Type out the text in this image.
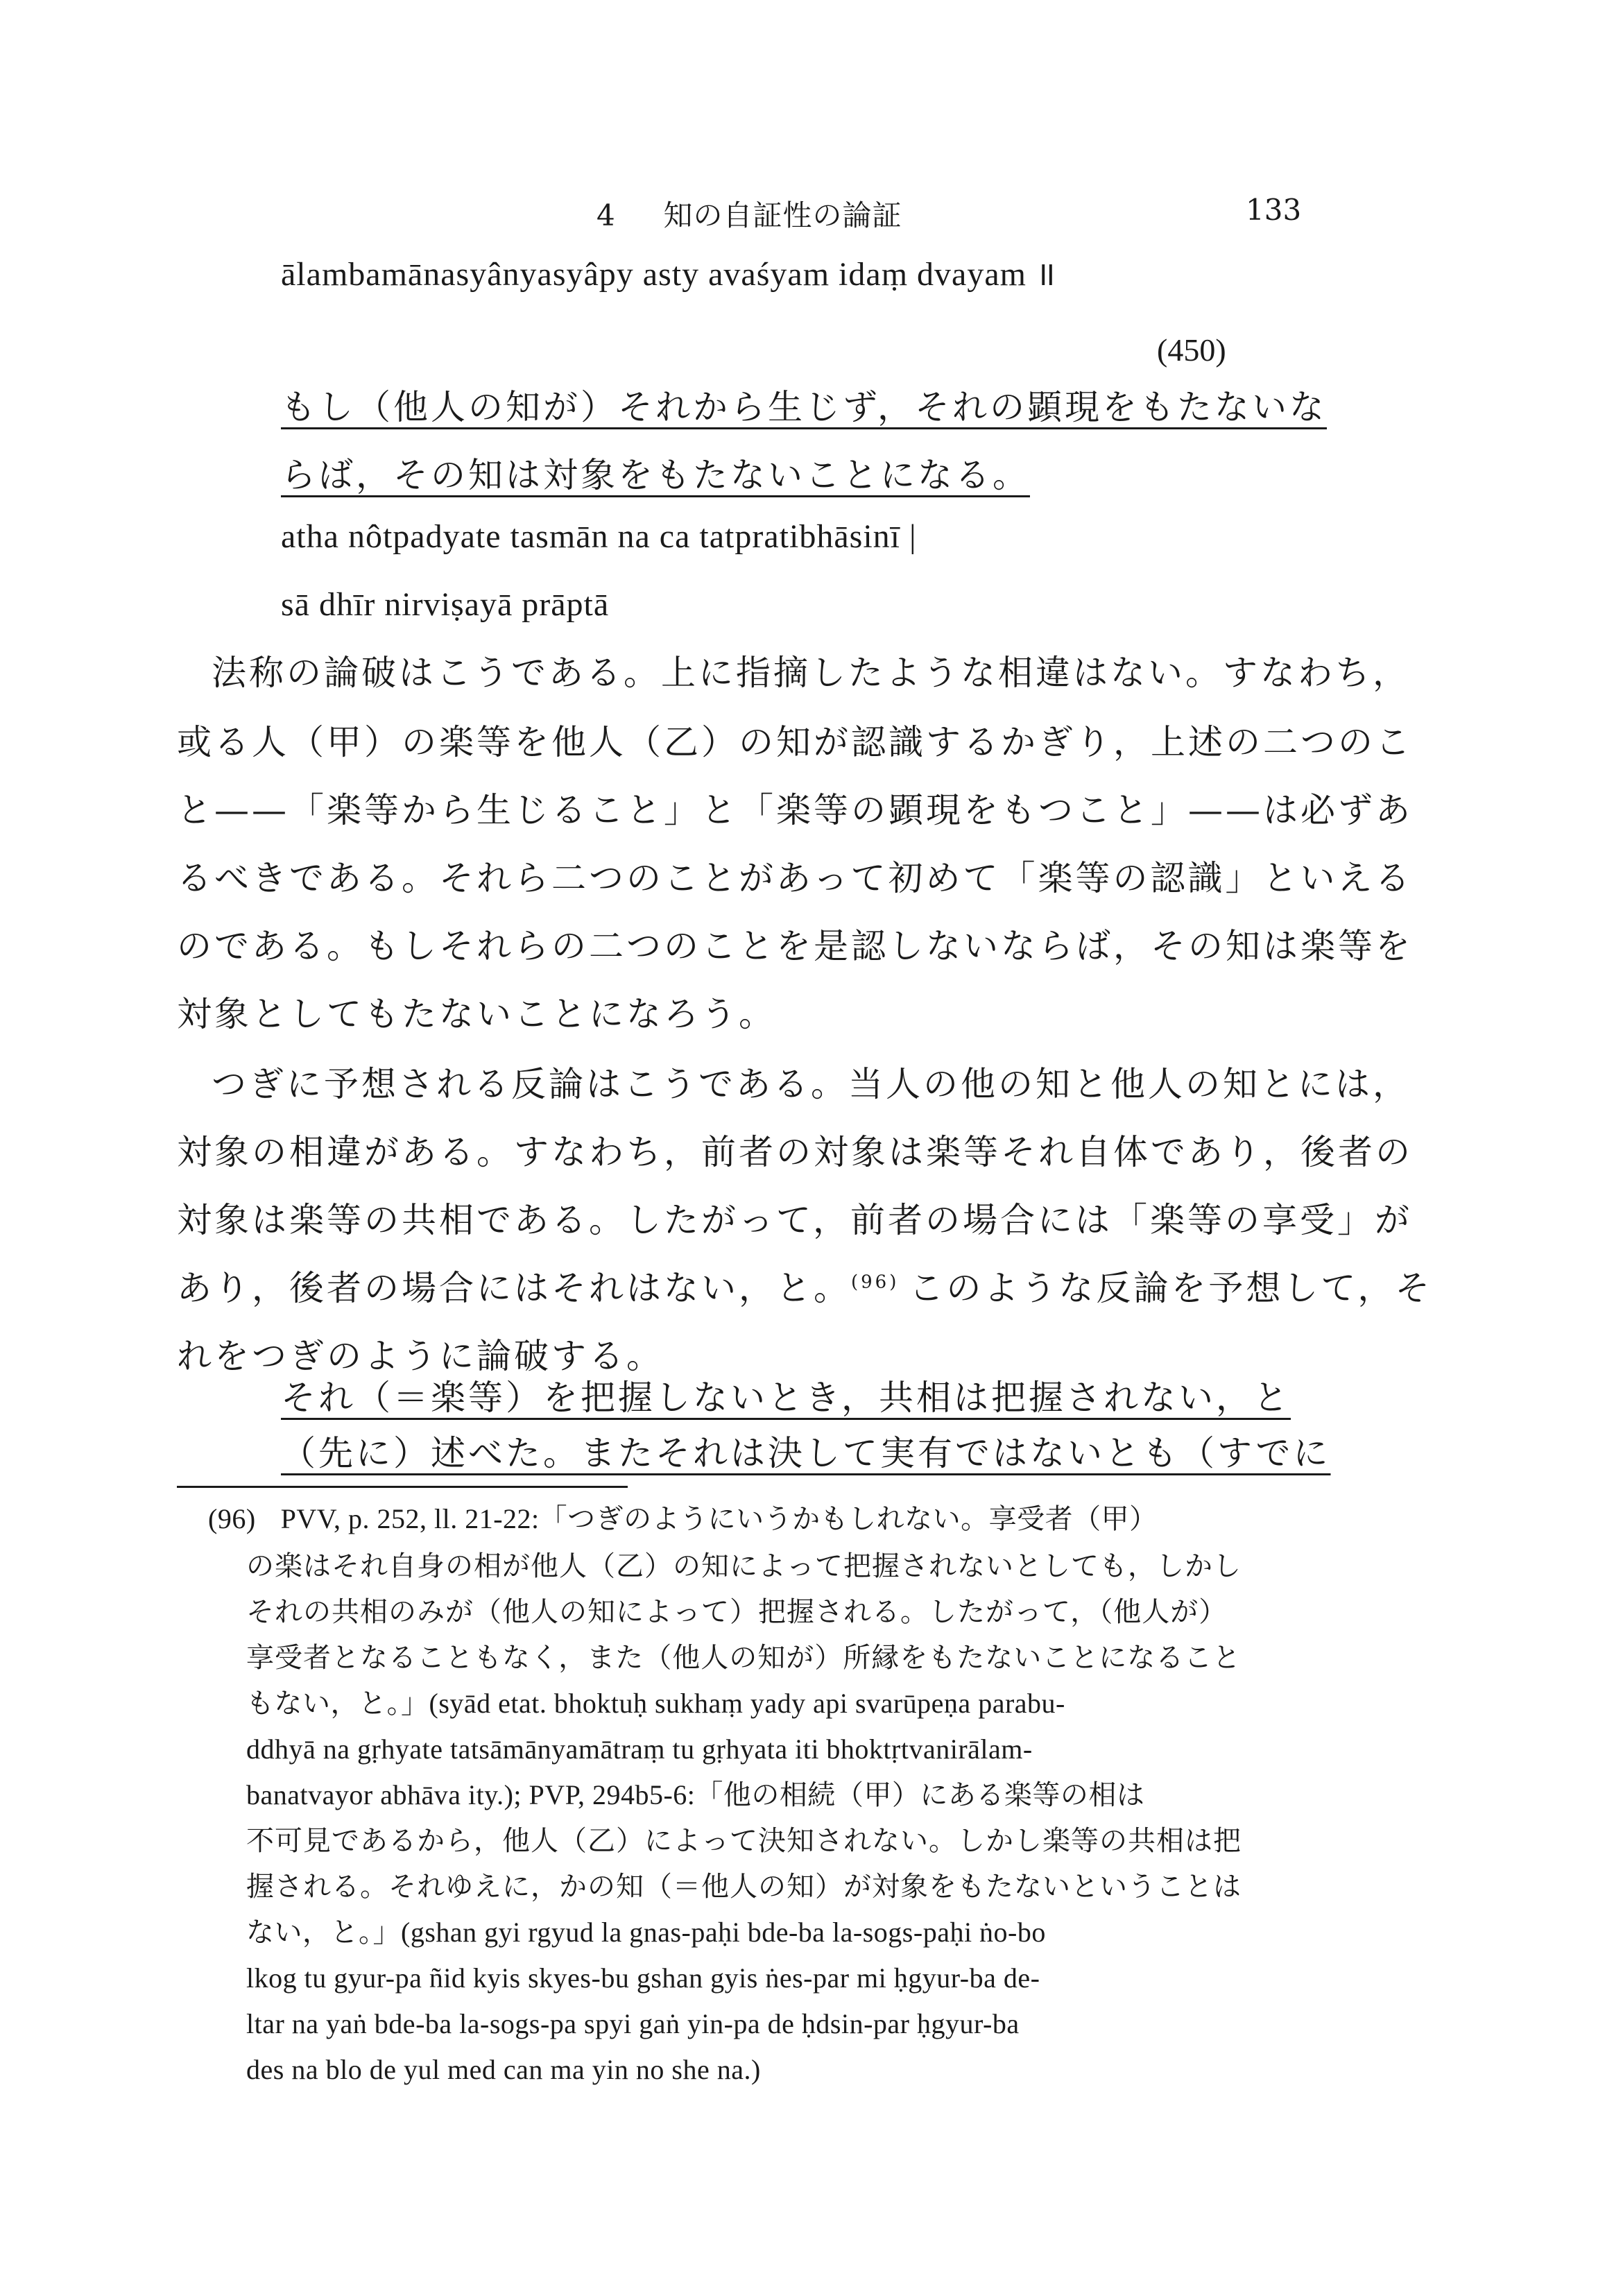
4 知の自証性の論証	133
ālambamānasyânyasyâpy asty avaśyam idaṃ dvayam ॥
(450)
もし（他人の知が）それから生じず，それの顕現をもたないな
らば，その知は対象をもたないことになる。
atha nôtpadyate tasmān na ca tatpratibhāsinī |
sā dhīr nirviṣayā prāptā
法称の論破はこうである。上に指摘したような相違はない。すなわち，
或る人（甲）の楽等を他人（乙）の知が認識するかぎり，上述の二つのこ
と——「楽等から生じること」と「楽等の顕現をもつこと」——は必ずあ
るべきである。それら二つのことがあって初めて「楽等の認識」といえる
のである。もしそれらの二つのことを是認しないならば，その知は楽等を
対象としてもたないことになろう。
つぎに予想される反論はこうである。当人の他の知と他人の知とには，
対象の相違がある。すなわち，前者の対象は楽等それ自体であり，後者の
対象は楽等の共相である。したがって，前者の場合には「楽等の享受」が
あり，後者の場合にはそれはない，と。$^{(96)}$ このような反論を予想して，そ
れをつぎのように論破する。
それ（＝楽等）を把握しないとき，共相は把握されない，と
（先に）述べた。またそれは決して実有ではないとも（すでに
(96) PVV, p. 252, ll. 21-22:「つぎのようにいうかもしれない。享受者（甲）
の楽はそれ自身の相が他人（乙）の知によって把握されないとしても，しかし
それの共相のみが（他人の知によって）把握される。したがって，（他人が）
享受者となることもなく，また（他人の知が）所縁をもたないことになること
もない，と。」(syād etat. bhoktuḥ sukhaṃ yady api svarūpeṇa parabu-
ddhyā na gṛhyate tatsāmānyamātraṃ tu gṛhyata iti bhoktṛtvanirālam-
banatvayor abhāva ity.); PVP, 294b5-6:「他の相続（甲）にある楽等の相は
不可見であるから，他人（乙）によって決知されない。しかし楽等の共相は把
握される。それゆえに，かの知（＝他人の知）が対象をもたないということは
ない，と。」(gshan gyi rgyud la gnas-paḥi bde-ba la-sogs-paḥi ṅo-bo
lkog tu gyur-pa ñid kyis skyes-bu gshan gyis ṅes-par mi ḥgyur-ba de-
ltar na yaṅ bde-ba la-sogs-pa spyi gaṅ yin-pa de ḥdsin-par ḥgyur-ba
des na blo de yul med can ma yin no she na.)
